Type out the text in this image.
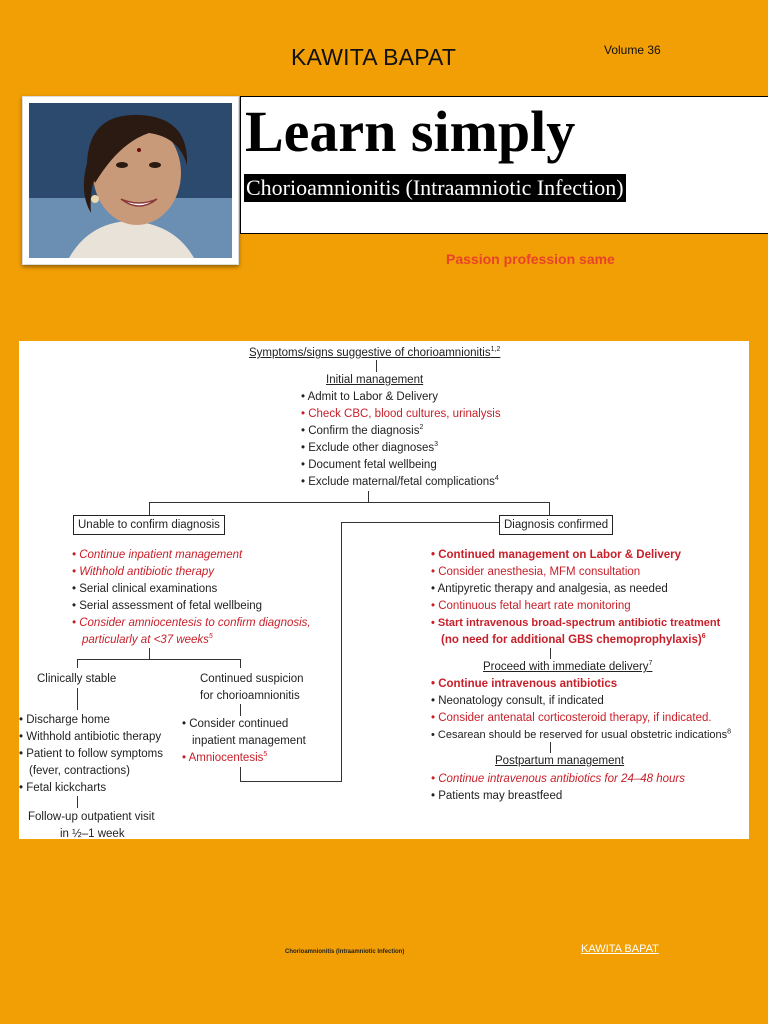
KAWITA BAPAT	Volume 36
Learn simply
Chorioamnionitis (Intraamniotic Infection)
Passion profession same
Symptoms/signs suggestive of chorioamnionitis$^{1,2}$
Initial management
• Admit to Labor & Delivery
• Check CBC, blood cultures, urinalysis
• Confirm the diagnosis$^2$
• Exclude other diagnoses$^3$
• Document fetal wellbeing
• Exclude maternal/fetal complications$^4$
Unable to confirm diagnosis
• Continue inpatient management
• Withhold antibiotic therapy
• Serial clinical examinations
• Serial assessment of fetal wellbeing
• Consider amniocentesis to confirm diagnosis,
particularly at <37 weeks$^5$
Clinically stable
• Discharge home
• Withhold antibiotic therapy
• Patient to follow symptoms
(fever, contractions)
• Fetal kickcharts
Follow-up outpatient visit
in ½–1 week
Continued suspicion
for chorioamnionitis
• Consider continued
inpatient management
• Amniocentesis$^5$
Diagnosis confirmed
• Continued management on Labor & Delivery
• Consider anesthesia, MFM consultation
• Antipyretic therapy and analgesia, as needed
• Continuous fetal heart rate monitoring
• Start intravenous broad-spectrum antibiotic treatment
(no need for additional GBS chemoprophylaxis)$^6$
Proceed with immediate delivery$^7$
• Continue intravenous antibiotics
• Neonatology consult, if indicated
• Consider antenatal corticosteroid therapy, if indicated.
• Cesarean should be reserved for usual obstetric indications$^8$
Postpartum management
• Continue intravenous antibiotics for 24–48 hours
• Patients may breastfeed
Chorioamnionitis (Intraamniotic Infection)	KAWITA BAPAT
